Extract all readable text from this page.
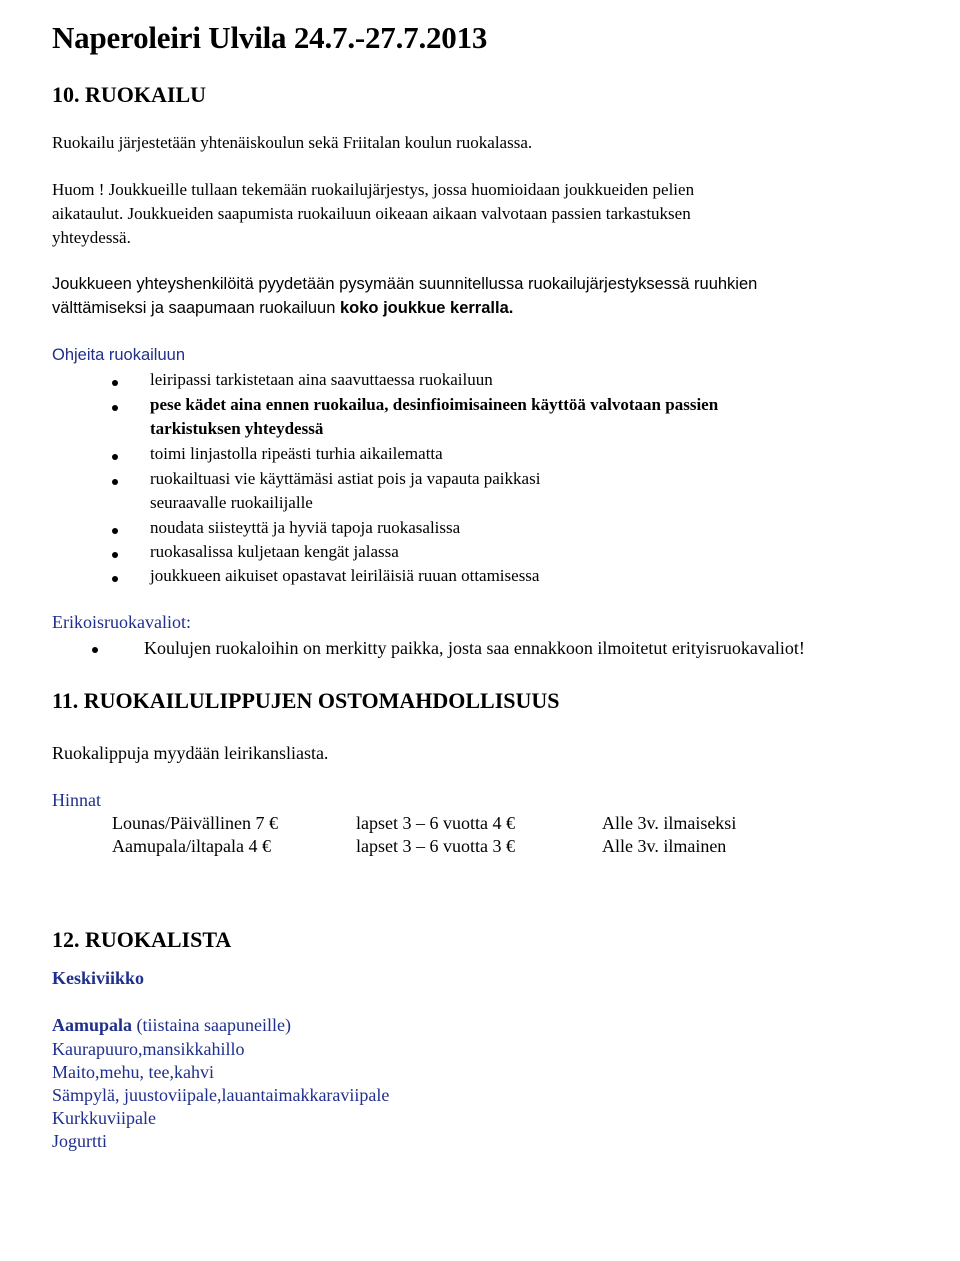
Naperoleiri Ulvila 24.7.-27.7.2013
10. RUOKAILU
Ruokailu järjestetään yhtenäiskoulun sekä Friitalan koulun ruokalassa.
Huom ! Joukkueille tullaan tekemään ruokailujärjestys, jossa huomioidaan joukkueiden pelien
aikataulut. Joukkueiden saapumista ruokailuun oikeaan aikaan valvotaan passien tarkastuksen
yhteydessä.
Joukkueen yhteyshenkilöitä pyydetään pysymään suunnitellussa ruokailujärjestyksessä ruuhkien
välttämiseksi ja saapumaan ruokailuun koko joukkue kerralla.
Ohjeita ruokailuun
leiripassi tarkistetaan aina saavuttaessa ruokailuun
pese kädet aina ennen ruokailua, desinfioimisaineen käyttöä valvotaan passien
tarkistuksen yhteydessä
toimi linjastolla ripeästi turhia aikailematta
ruokailtuasi vie käyttämäsi astiat pois ja vapauta paikkasi
seuraavalle ruokailijalle
noudata siisteyttä ja hyviä tapoja ruokasalissa
ruokasalissa kuljetaan kengät jalassa
joukkueen aikuiset opastavat leiriläisiä ruuan ottamisessa
Erikoisruokavaliot:
Koulujen ruokaloihin on merkitty paikka, josta saa ennakkoon ilmoitetut erityisruokavaliot!
11. RUOKAILULIPPUJEN OSTOMAHDOLLISUUS
Ruokalippuja myydään leirikansliasta.
Hinnat
Lounas/Päivällinen 7 €	lapset 3 – 6 vuotta 4 €	Alle 3v. ilmaiseksi
Aamupala/iltapala 4 €	lapset 3 – 6 vuotta 3 €	Alle 3v. ilmainen
12. RUOKALISTA
Keskiviikko
Aamupala (tiistaina saapuneille)
Kaurapuuro,mansikkahillo
Maito,mehu, tee,kahvi
Sämpylä, juustoviipale,lauantaimakkaraviipale
Kurkkuviipale
Jogurtti
